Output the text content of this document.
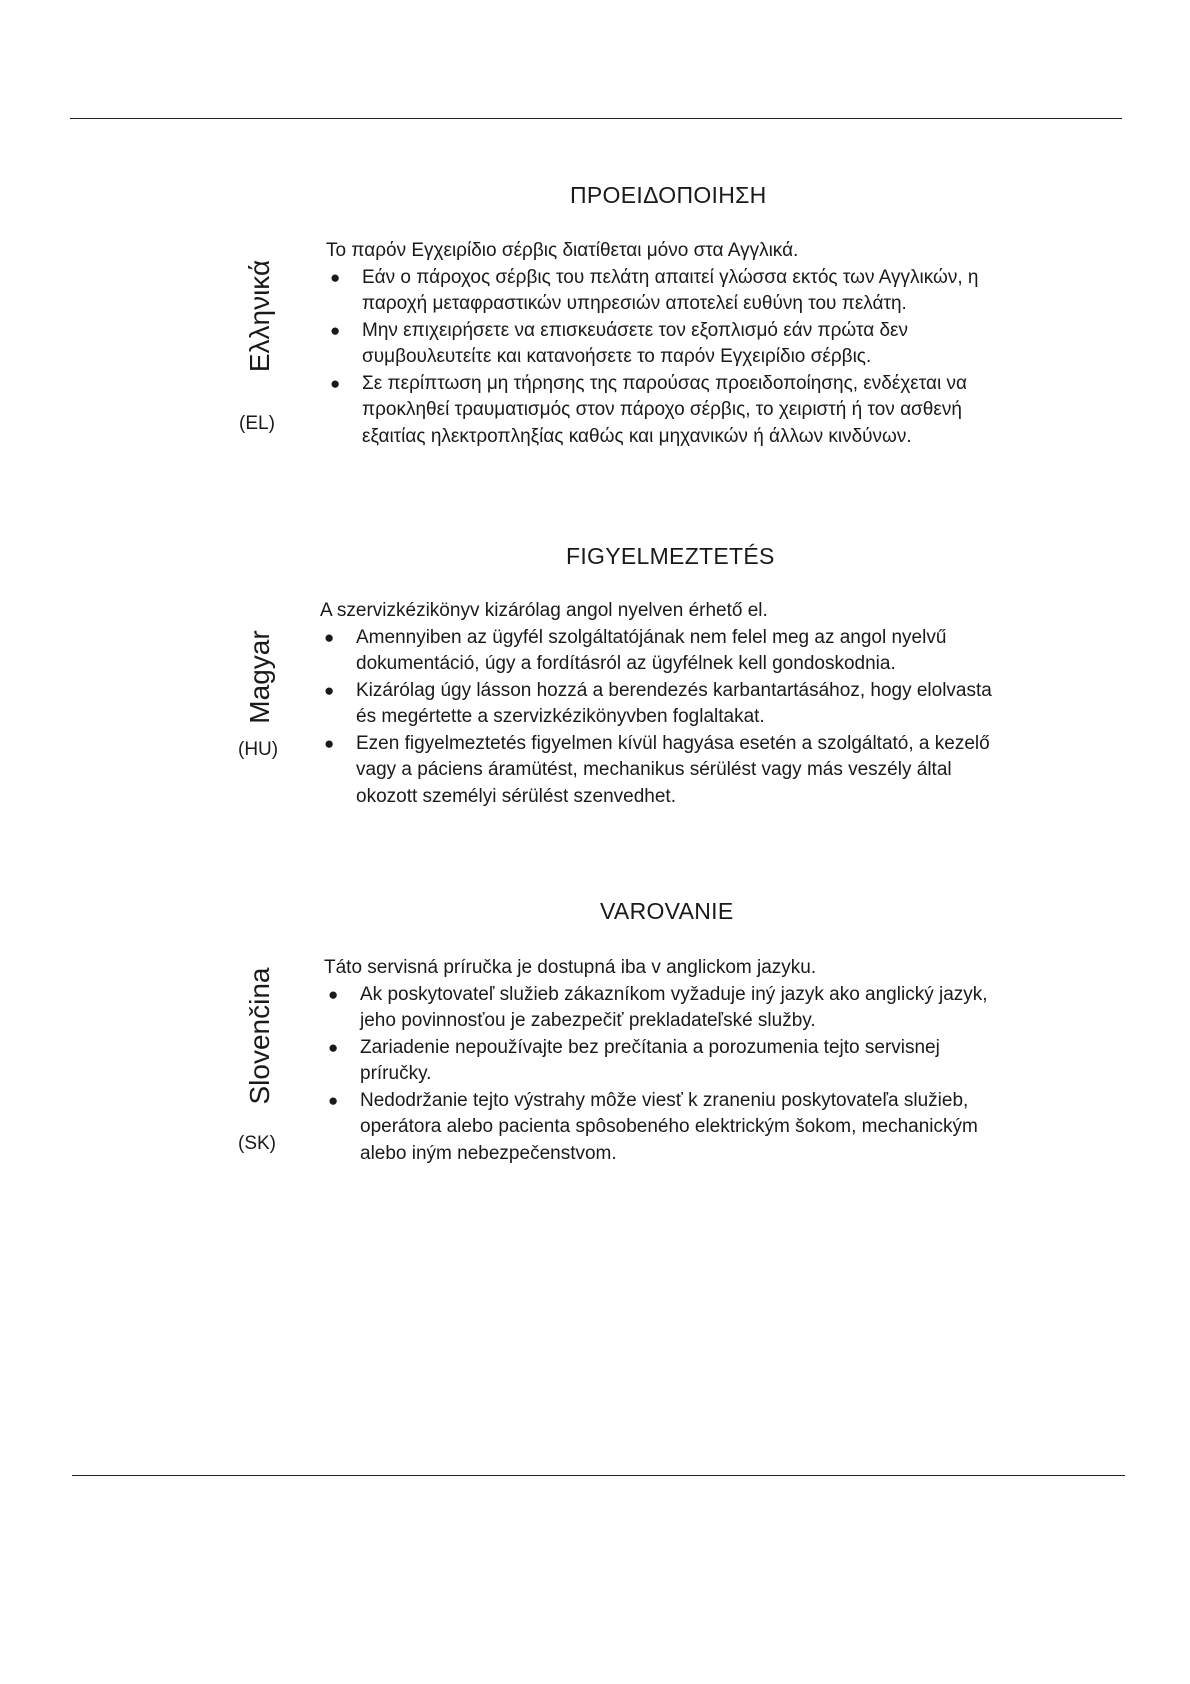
ΠΡΟΕΙΔΟΠΟΙΗΣΗ
Ελληνικά
(EL)

Το παρόν Εγχειρίδιο σέρβις διατίθεται μόνο στα Αγγλικά.

● Εάν ο πάροχος σέρβις του πελάτη απαιτεί γλώσσα εκτός των Αγγλικών, η
παροχή μεταφραστικών υπηρεσιών αποτελεί ευθύνη του πελάτη.
● Μην επιχειρήσετε να επισκευάσετε τον εξοπλισμό εάν πρώτα δεν
συμβουλευτείτε και κατανοήσετε το παρόν Εγχειρίδιο σέρβις.
● Σε περίπτωση μη τήρησης της παρούσας προειδοποίησης, ενδέχεται να
προκληθεί τραυματισμός στον πάροχο σέρβις, το χειριστή ή τον ασθενή
εξαιτίας ηλεκτροπληξίας καθώς και μηχανικών ή άλλων κινδύνων.
FIGYELMEZTETÉS
Magyar
(HU)

A szervizkézikönyv kizárólag angol nyelven érhető el.

● Amennyiben az ügyfél szolgáltatójának nem felel meg az angol nyelvű
dokumentáció, úgy a fordításról az ügyfélnek kell gondoskodnia.
● Kizárólag úgy lásson hozzá a berendezés karbantartásához, hogy elolvasta
és megértette a szervizkézikönyvben foglaltakat.
● Ezen figyelmeztetés figyelmen kívül hagyása esetén a szolgáltató, a kezelő
vagy a páciens áramütést, mechanikus sérülést vagy más veszély által
okozott személyi sérülést szenvedhet.
VAROVANIE
Slovenčina
(SK)

Táto servisná príručka je dostupná iba v anglickom jazyku.

● Ak poskytovateľ služieb zákazníkom vyžaduje iný jazyk ako anglický jazyk,
jeho povinnosťou je zabezpečiť prekladateľské služby.
● Zariadenie nepoužívajte bez prečítania a porozumenia tejto servisnej
príručky.
● Nedodržanie tejto výstrahy môže viesť k zraneniu poskytovateľa služieb,
operátora alebo pacienta spôsobeného elektrickým šokom, mechanickým
alebo iným nebezpečenstvom.
